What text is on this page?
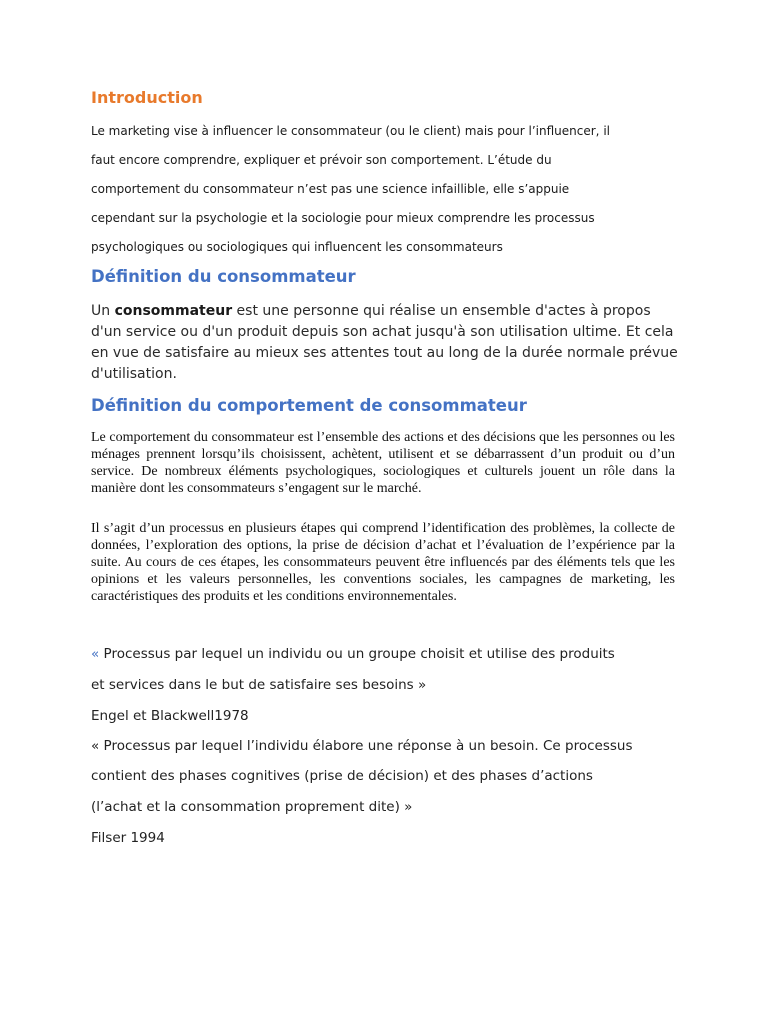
Introduction

Le marketing vise à influencer le consommateur (ou le client) mais pour l’influencer, il

faut encore comprendre, expliquer et prévoir son comportement. L’étude du

comportement du consommateur n’est pas une science infaillible, elle s’appuie

cependant sur la psychologie et la sociologie pour mieux comprendre les processus

psychologiques ou sociologiques qui influencent les consommateurs

Définition du consommateur

Un consommateur est une personne qui réalise un ensemble d'actes à propos d'un service ou d'un produit depuis son achat jusqu'à son utilisation ultime. Et cela en vue de satisfaire au mieux ses attentes tout au long de la durée normale prévue d'utilisation.

Définition du comportement de consommateur

Le comportement du consommateur est l’ensemble des actions et des décisions que les personnes ou les ménages prennent lorsqu’ils choisissent, achètent, utilisent et se débarrassent d’un produit ou d’un service. De nombreux éléments psychologiques, sociologiques et culturels jouent un rôle dans la manière dont les consommateurs s’engagent sur le marché.

Il s’agit d’un processus en plusieurs étapes qui comprend l’identification des problèmes, la collecte de données, l’exploration des options, la prise de décision d’achat et l’évaluation de l’expérience par la suite. Au cours de ces étapes, les consommateurs peuvent être influencés par des éléments tels que les opinions et les valeurs personnelles, les conventions sociales, les campagnes de marketing, les caractéristiques des produits et les conditions environnementales.

« Processus par lequel un individu ou un groupe choisit et utilise des produits

et services dans le but de satisfaire ses besoins »

Engel et Blackwell1978

« Processus par lequel l’individu élabore une réponse à un besoin. Ce processus

contient des phases cognitives (prise de décision) et des phases d’actions

(l’achat et la consommation proprement dite) »

Filser 1994
